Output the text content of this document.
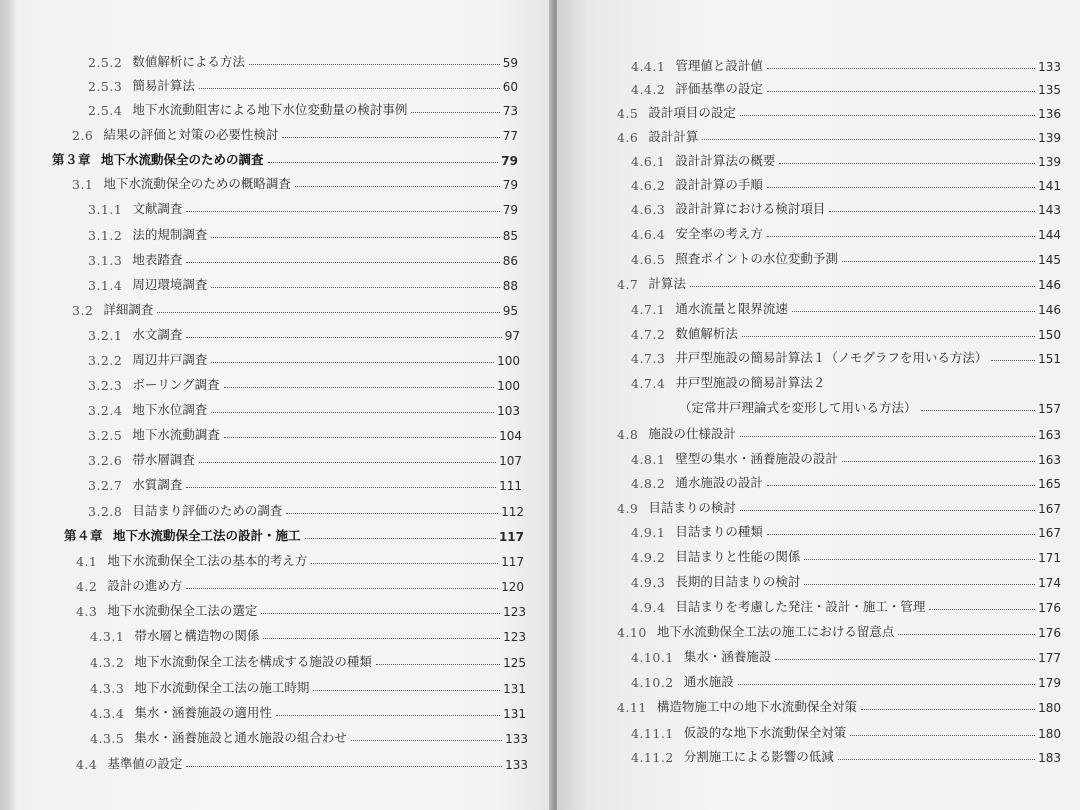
2.5.2 数値解析による方法	59
2.5.3 簡易計算法	60
2.5.4 地下水流動阻害による地下水位変動量の検討事例	73
2.6 結果の評価と対策の必要性検討	77
第３章 地下水流動保全のための調査	79
3.1 地下水流動保全のための概略調査	79
3.1.1 文献調査	79
3.1.2 法的規制調査	85
3.1.3 地表踏査	86
3.1.4 周辺環境調査	88
3.2 詳細調査	95
3.2.1 水文調査	97
3.2.2 周辺井戸調査	100
3.2.3 ボーリング調査	100
3.2.4 地下水位調査	103
3.2.5 地下水流動調査	104
3.2.6 帯水層調査	107
3.2.7 水質調査	111
3.2.8 目詰まり評価のための調査	112
第４章 地下水流動保全工法の設計・施工	117
4.1 地下水流動保全工法の基本的考え方	117
4.2 設計の進め方	120
4.3 地下水流動保全工法の選定	123
4.3.1 帯水層と構造物の関係	123
4.3.2 地下水流動保全工法を構成する施設の種類	125
4.3.3 地下水流動保全工法の施工時期	131
4.3.4 集水・涵養施設の適用性	131
4.3.5 集水・涵養施設と通水施設の組合わせ	133
4.4 基準値の設定	133
4.4.1 管理値と設計値	133
4.4.2 評価基準の設定	135
4.5 設計項目の設定	136
4.6 設計計算	139
4.6.1 設計計算法の概要	139
4.6.2 設計計算の手順	141
4.6.3 設計計算における検討項目	143
4.6.4 安全率の考え方	144
4.6.5 照査ポイントの水位変動予測	145
4.7 計算法	146
4.7.1 通水流量と限界流速	146
4.7.2 数値解析法	150
4.7.3 井戸型施設の簡易計算法１（ノモグラフを用いる方法）	151
4.7.4 井戸型施設の簡易計算法２
（定常井戸理論式を変形して用いる方法）	157
4.8 施設の仕様設計	163
4.8.1 壁型の集水・涵養施設の設計	163
4.8.2 通水施設の設計	165
4.9 目詰まりの検討	167
4.9.1 目詰まりの種類	167
4.9.2 目詰まりと性能の関係	171
4.9.3 長期的目詰まりの検討	174
4.9.4 目詰まりを考慮した発注・設計・施工・管理	176
4.10 地下水流動保全工法の施工における留意点	176
4.10.1 集水・涵養施設	177
4.10.2 通水施設	179
4.11 構造物施工中の地下水流動保全対策	180
4.11.1 仮設的な地下水流動保全対策	180
4.11.2 分割施工による影響の低減	183
